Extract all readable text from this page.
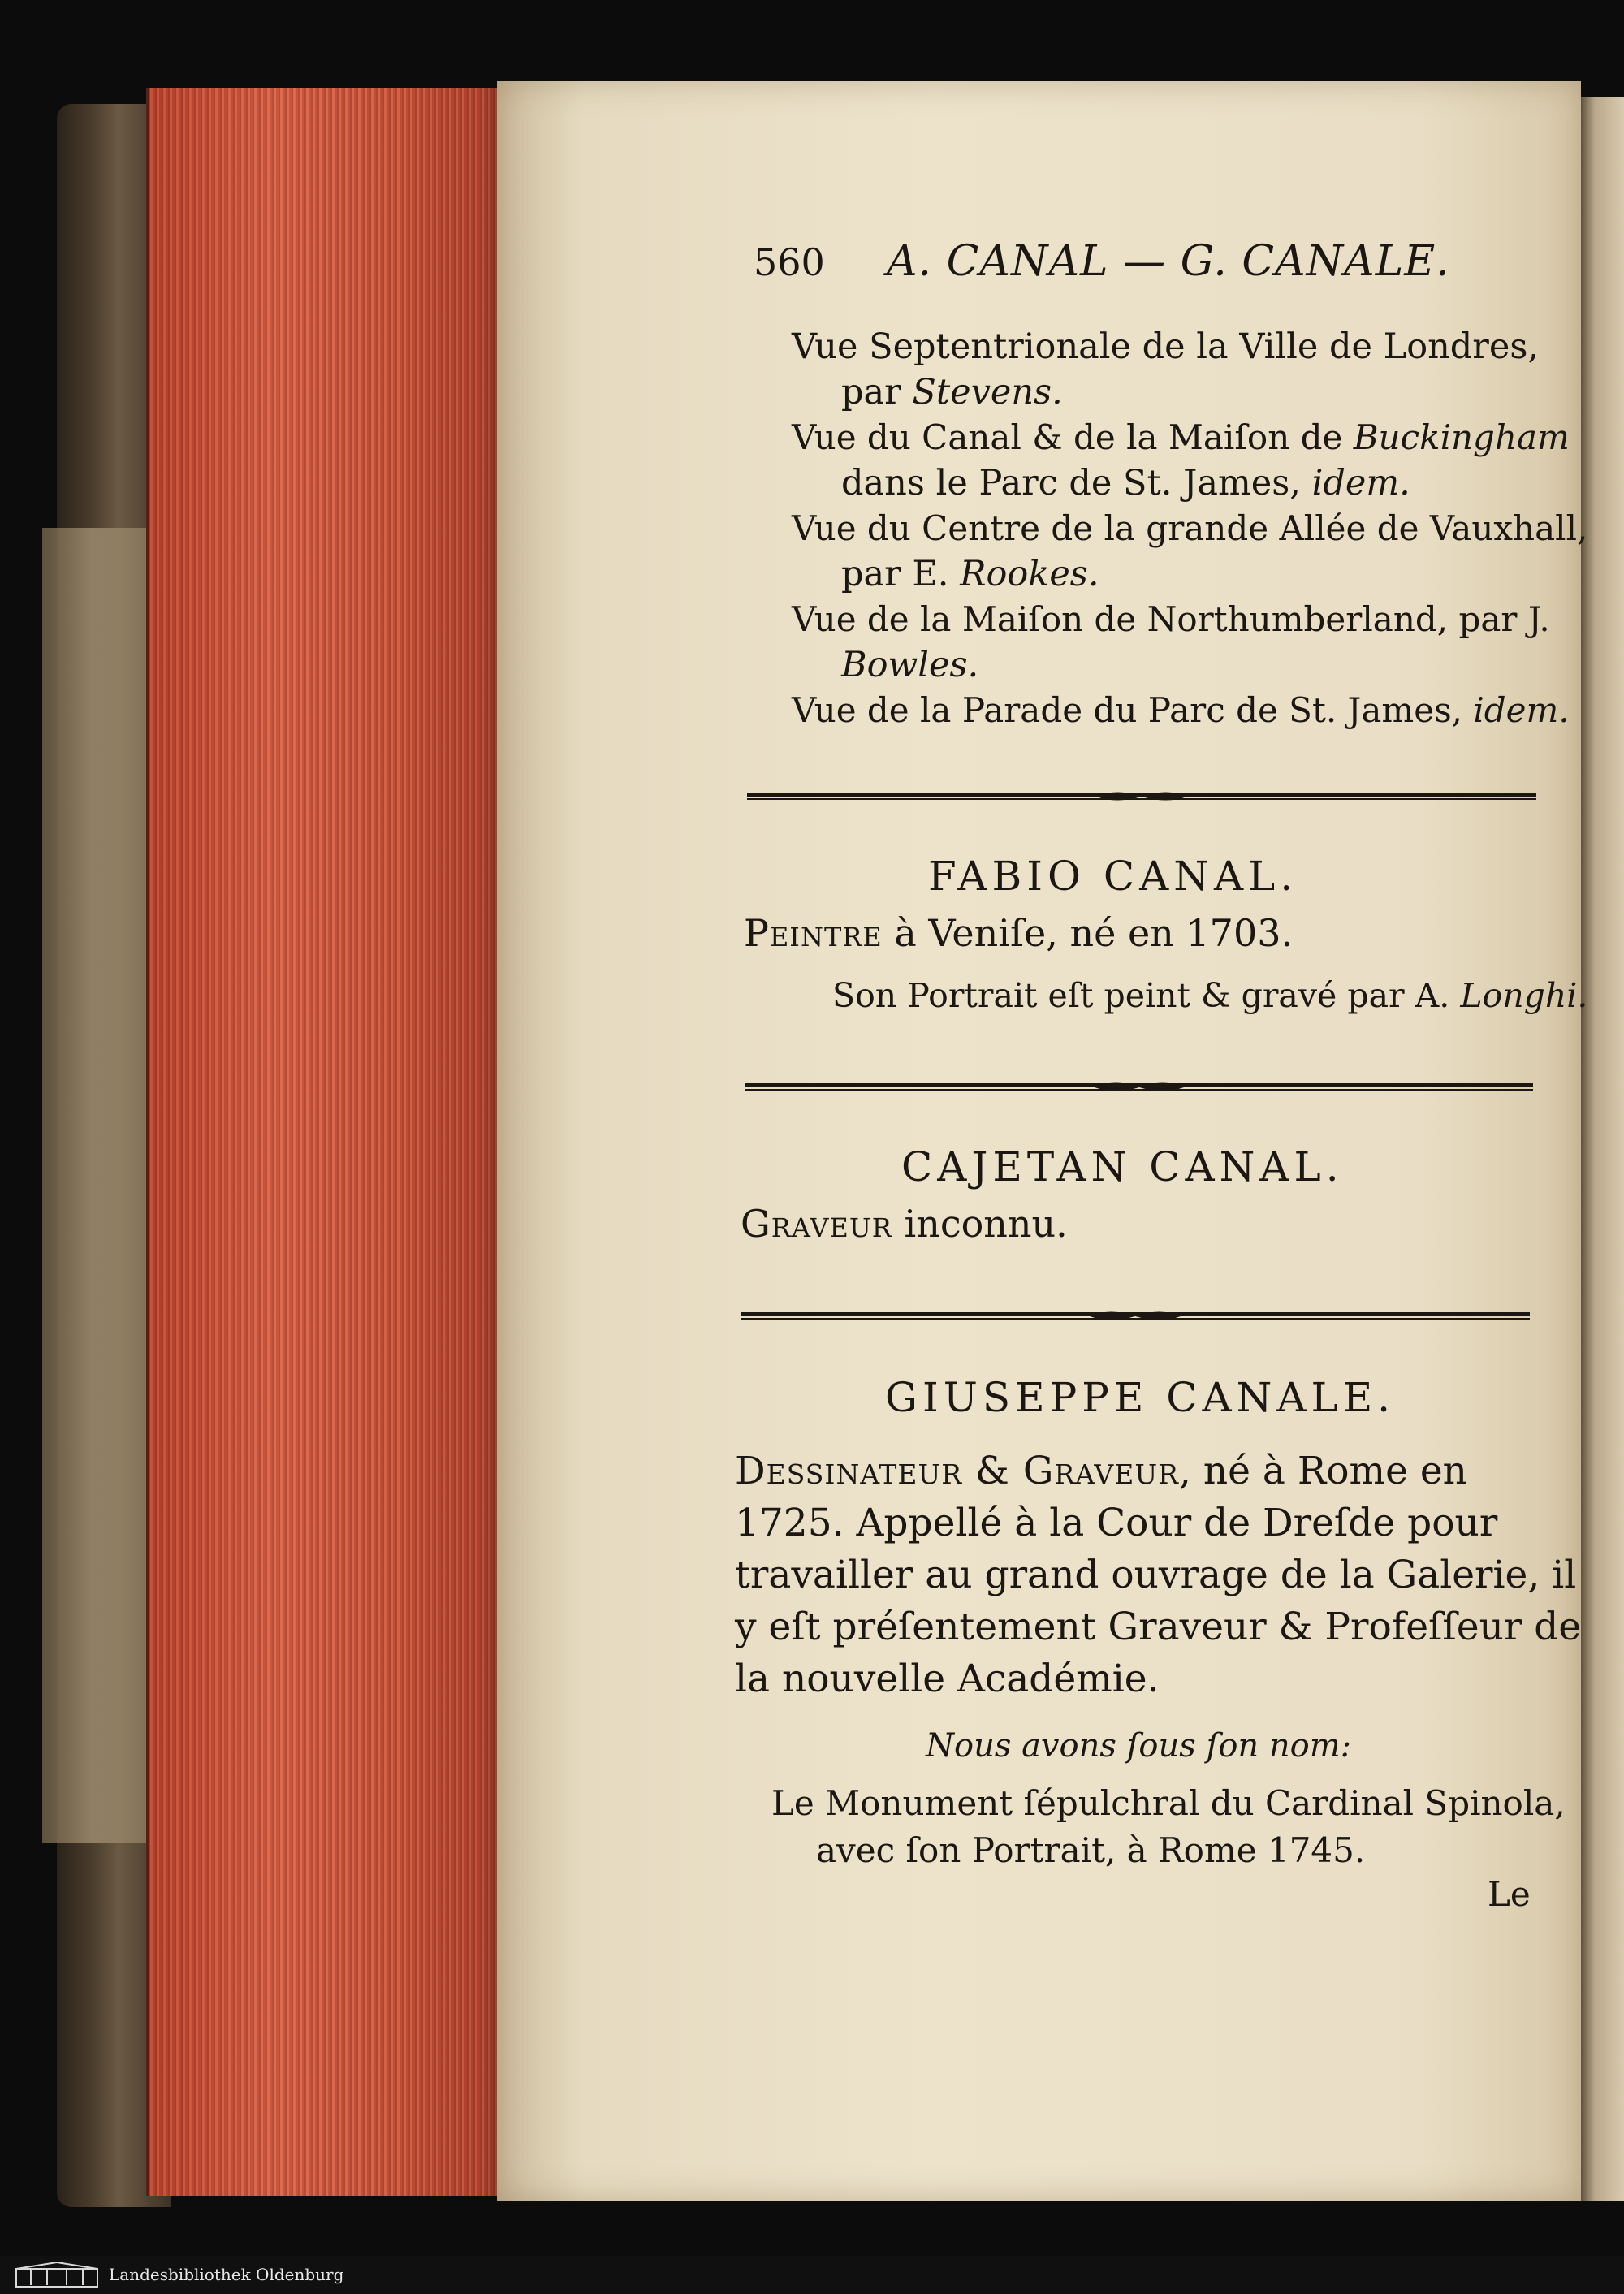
560 A. CANAL — G. CANALE.
Vue Septentrionale de la Ville de Londres,
par Stevens.
Vue du Canal & de la Maiſon de Buckingham
dans le Parc de St. James, idem.
Vue du Centre de la grande Allée de Vauxhall,
par E. Rookes.
Vue de la Maiſon de Northumberland, par J.
Bowles.
Vue de la Parade du Parc de St. James, idem.
FABIO CANAL.
Peintre à Veniſe, né en 1703.
Son Portrait eſt peint & gravé par A. Longhi.
CAJETAN CANAL.
Graveur inconnu.
GIUSEPPE CANALE.
Dessinateur & Graveur, né à Rome en
1725. Appellé à la Cour de Dreſde pour
travailler au grand ouvrage de la Galerie, il
y eſt préſentement Graveur & Profeſſeur de
la nouvelle Académie.
Nous avons ſous ſon nom:
Le Monument ſépulchral du Cardinal Spinola,
avec ſon Portrait, à Rome 1745.
Le
Landesbibliothek Oldenburg
